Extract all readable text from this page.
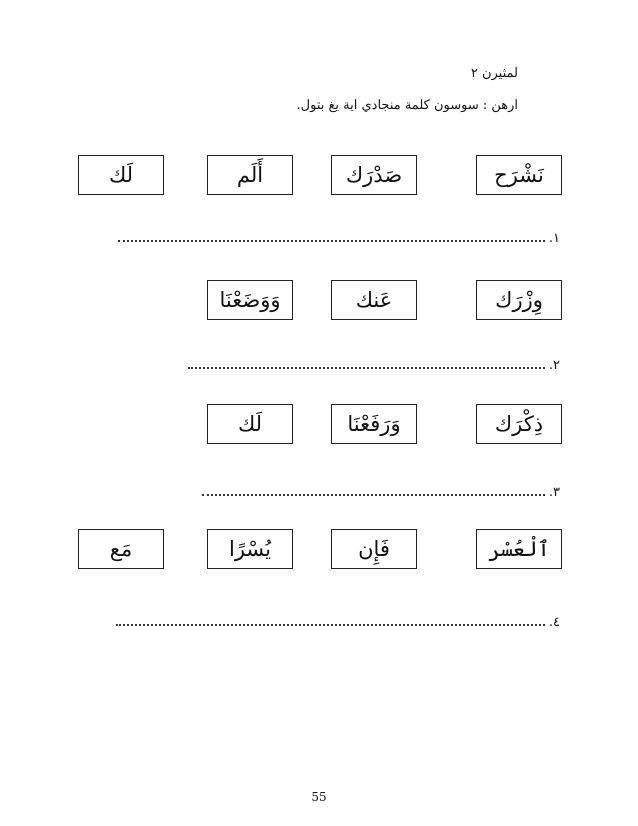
لمثيرن ٢
ارهن : سوسون كلمة منجادي اية يغ بتول.
نَشْرَح
صَدْرَك
أَلَم
لَك
١.
وِزْرَك
عَنك
وَوَضَعْنَا
٢.
ذِكْرَك
وَرَفَعْنَا
لَك
٣.
ٱلْعُسْر
فَإِن
يُسْرًا
مَع
٤.
55
